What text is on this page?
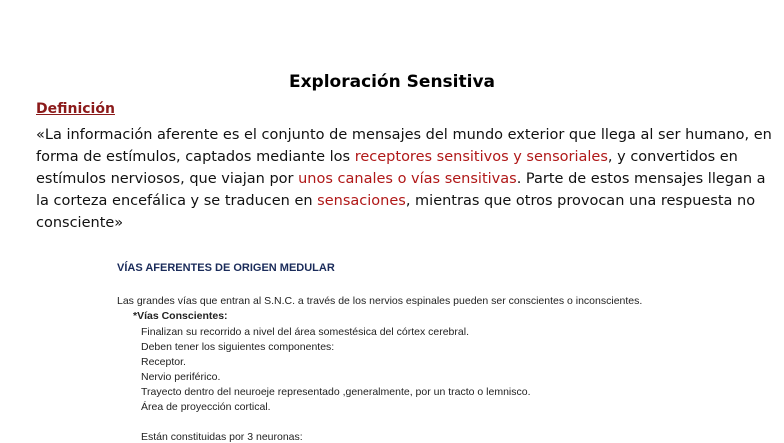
Exploración Sensitiva
Definición
«La información aferente es el conjunto de mensajes del mundo exterior que llega al ser humano, en forma de estímulos, captados mediante los receptores sensitivos y sensoriales, y convertidos en estímulos nerviosos, que viajan por unos canales o vías sensitivas. Parte de estos mensajes llegan a la corteza encefálica y se traducen en sensaciones, mientras que otros provocan una respuesta no consciente»
VÍAS AFERENTES DE ORIGEN MEDULAR
Las grandes vías que entran al S.N.C. a través de los nervios espinales pueden ser conscientes o inconscientes.
*Vías Conscientes:
Finalizan su recorrido a nivel del área somestésica del córtex cerebral.
Deben tener los siguientes componentes:
Receptor.
Nervio periférico.
Trayecto dentro del neuroeje representado ,generalmente, por un tracto o lemnisco.
Área de proyección cortical.
Están constituidas por 3 neuronas:
